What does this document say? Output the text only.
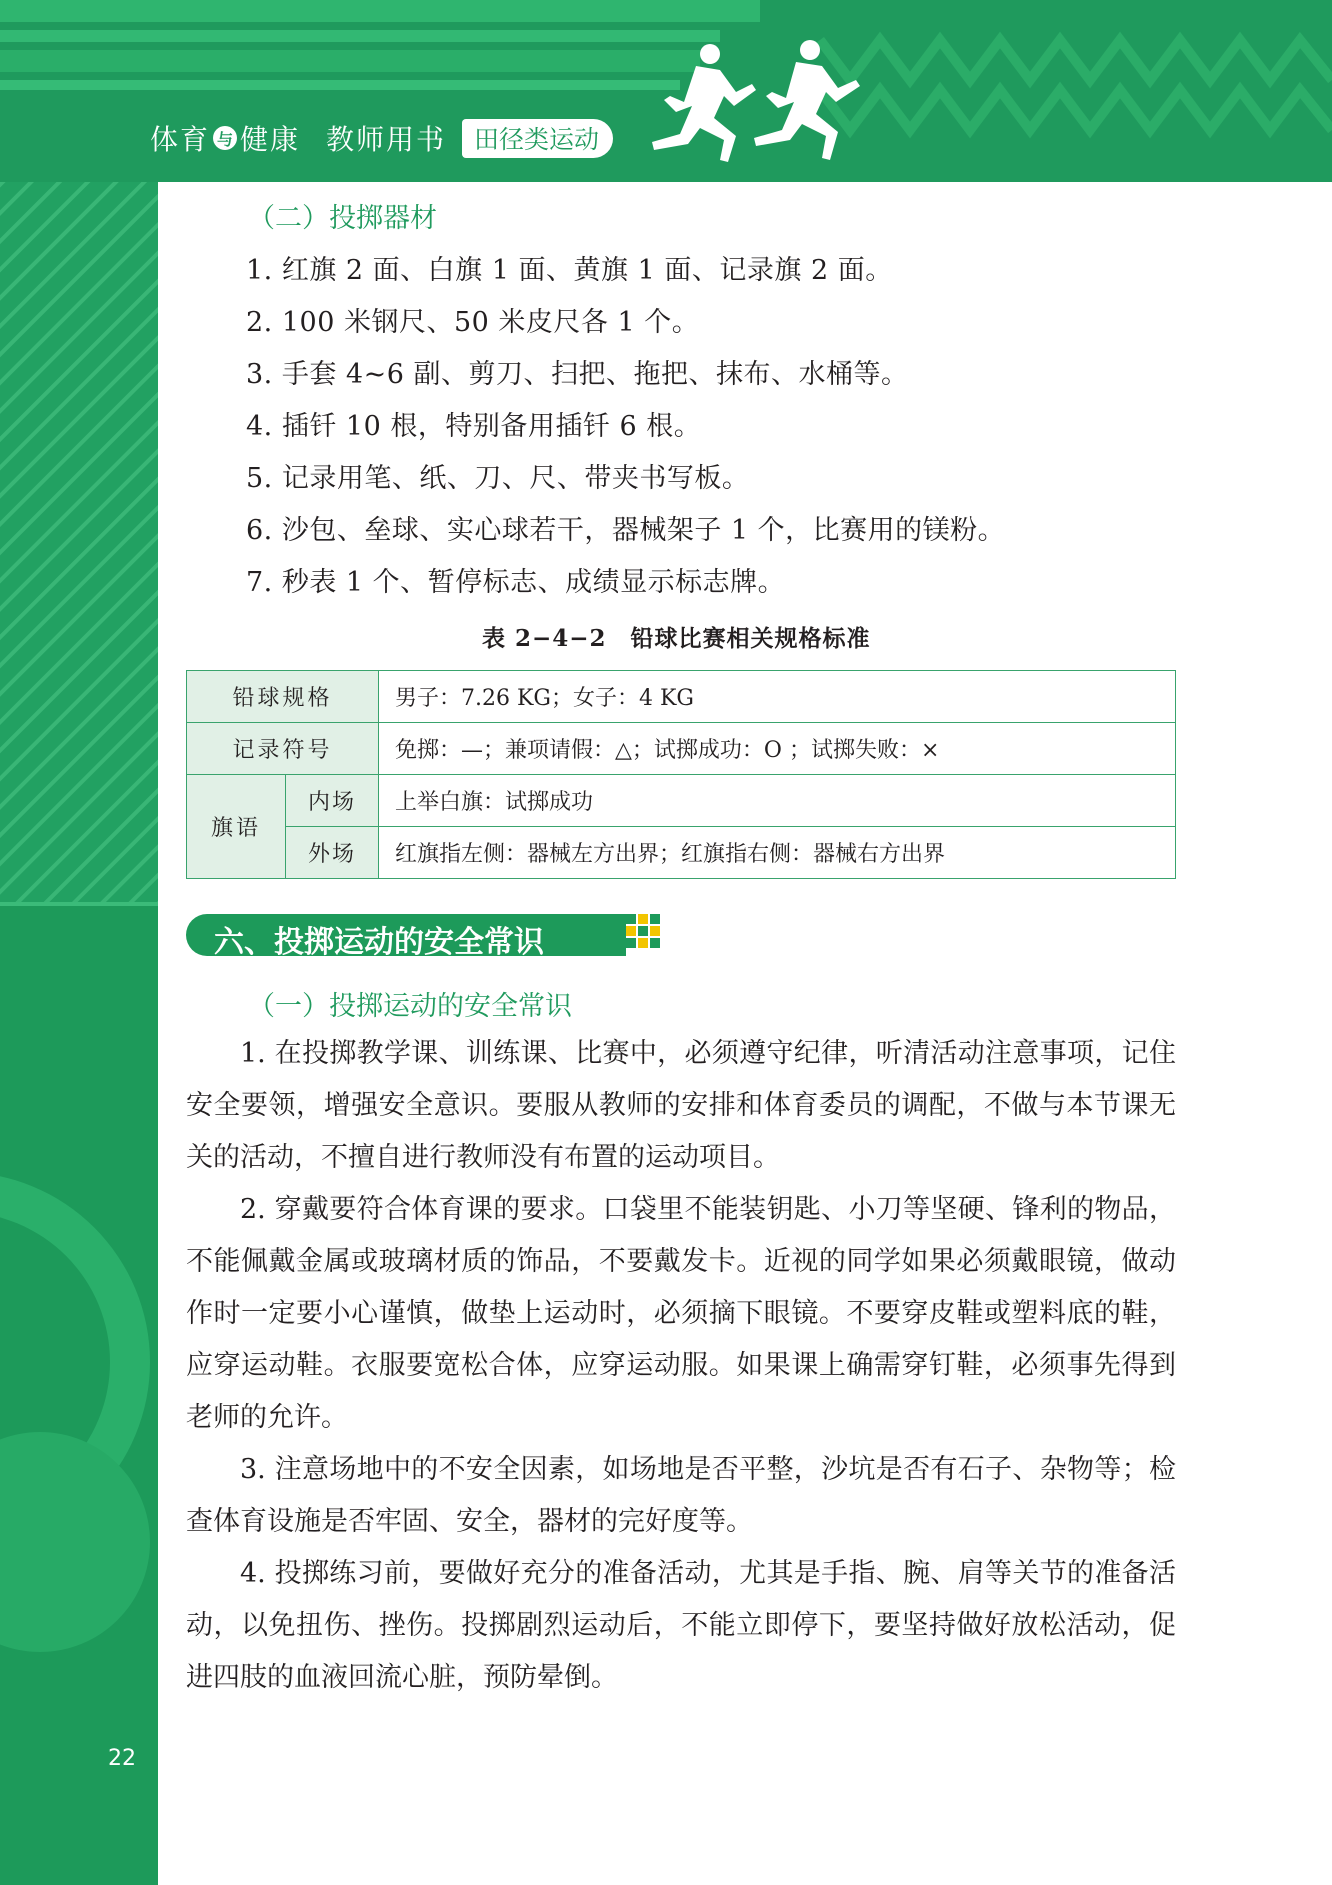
体育 与 健康 教师用书	田径类运动
22
（二）投掷器材
1. 红旗 2 面、白旗 1 面、黄旗 1 面、记录旗 2 面。
2. 100 米钢尺、50 米皮尺各 1 个。
3. 手套 4~6 副、剪刀、扫把、拖把、抹布、水桶等。
4. 插钎 10 根，特别备用插钎 6 根。
5. 记录用笔、纸、刀、尺、带夹书写板。
6. 沙包、垒球、实心球若干，器械架子 1 个，比赛用的镁粉。
7. 秒表 1 个、暂停标志、成绩显示标志牌。
表 2−4−2　铅球比赛相关规格标准
铅球规格		男子：7.26 KG；女子：4 KG
记录符号		免掷：—；兼项请假：△；试掷成功：O ；试掷失败：×
旗语	内场	上举白旗：试掷成功
	外场	红旗指左侧：器械左方出界；红旗指右侧：器械右方出界
六、投掷运动的安全常识
（一）投掷运动的安全常识

1. 在投掷教学课、训练课、比赛中，必须遵守纪律，听清活动注意事项，记住安全要领，增强安全意识。要服从教师的安排和体育委员的调配，不做与本节课无关的活动，不擅自进行教师没有布置的运动项目。

2. 穿戴要符合体育课的要求。口袋里不能装钥匙、小刀等坚硬、锋利的物品，不能佩戴金属或玻璃材质的饰品，不要戴发卡。近视的同学如果必须戴眼镜，做动作时一定要小心谨慎，做垫上运动时，必须摘下眼镜。不要穿皮鞋或塑料底的鞋，应穿运动鞋。衣服要宽松合体，应穿运动服。如果课上确需穿钉鞋，必须事先得到老师的允许。

3. 注意场地中的不安全因素，如场地是否平整，沙坑是否有石子、杂物等；检查体育设施是否牢固、安全，器材的完好度等。

4. 投掷练习前，要做好充分的准备活动，尤其是手指、腕、肩等关节的准备活动，以免扭伤、挫伤。投掷剧烈运动后，不能立即停下，要坚持做好放松活动，促进四肢的血液回流心脏，预防晕倒。
